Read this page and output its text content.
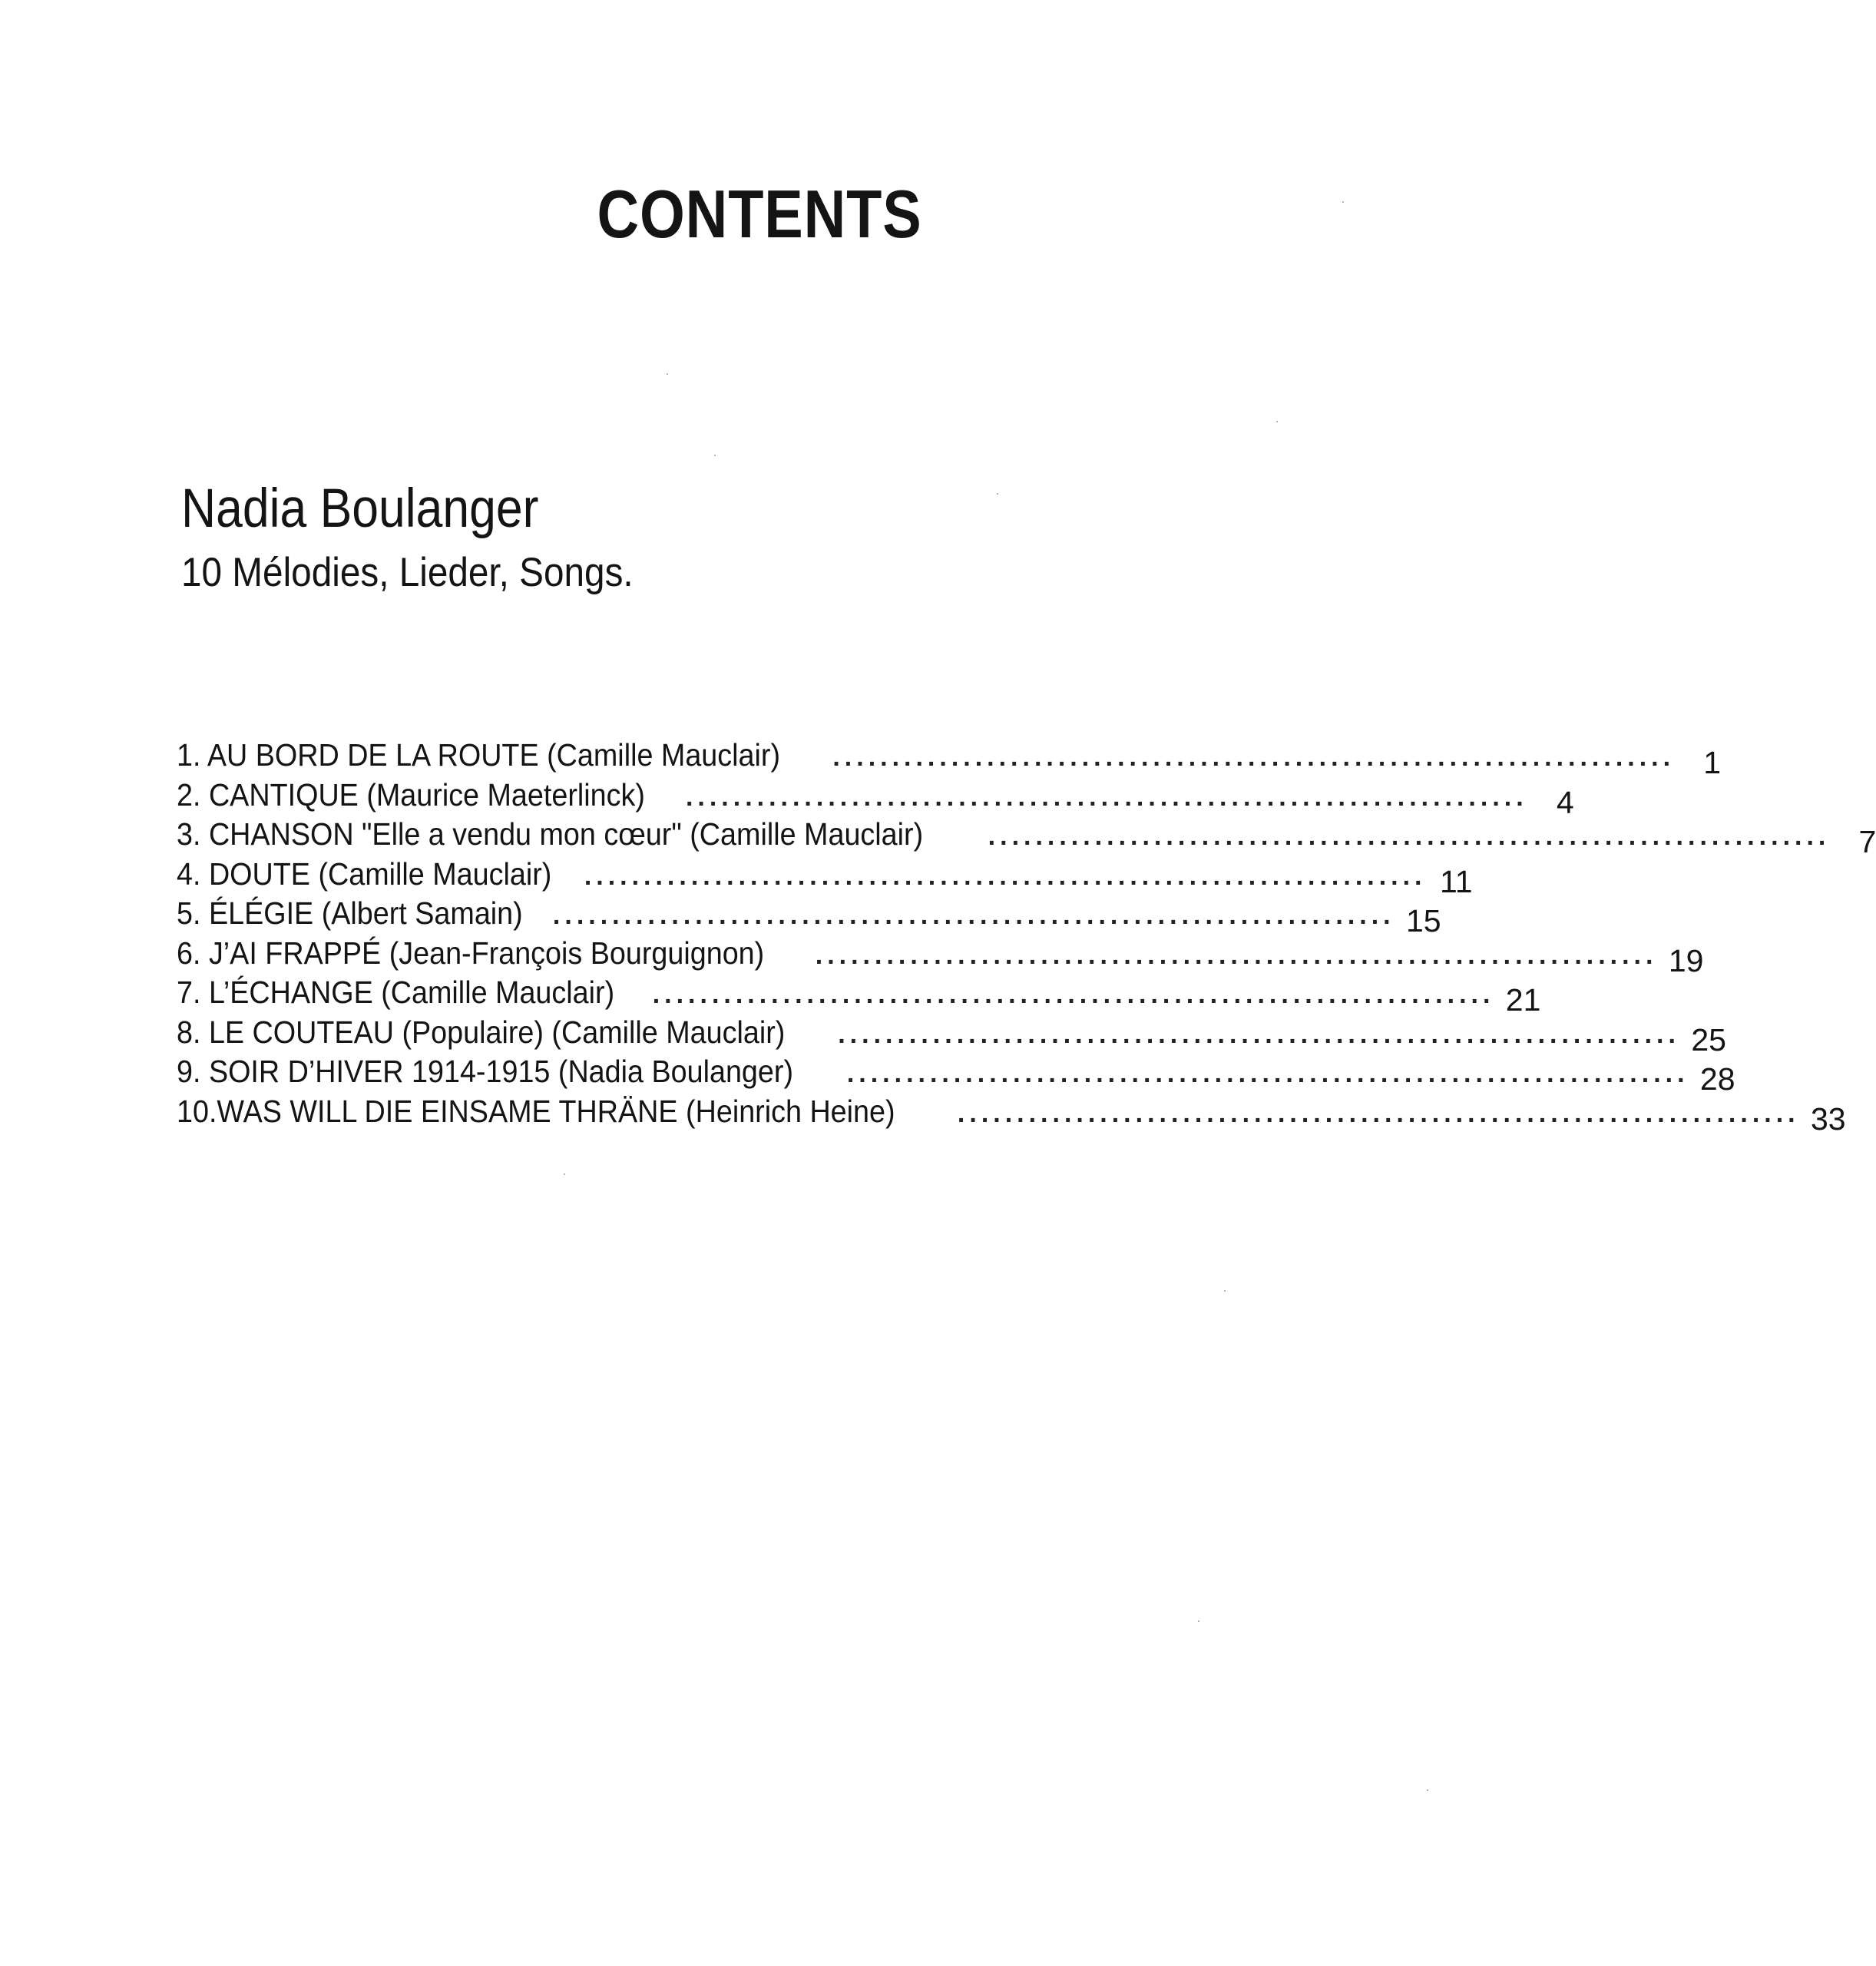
CONTENTS
Nadia Boulanger
10 Mélodies, Lieder, Songs.
1. AU BORD DE LA ROUTE (Camille Mauclair) ....................................................................... 1
2. CANTIQUE (Maurice Maeterlinck) ....................................................................... 4
3. CHANSON "Elle a vendu mon cœur" (Camille Mauclair) ....................................................................... 7
4. DOUTE (Camille Mauclair) ....................................................................... 11
5. ÉLÉGIE (Albert Samain) ....................................................................... 15
6. J’AI FRAPPÉ (Jean-François Bourguignon) ....................................................................... 19
7. L’ÉCHANGE (Camille Mauclair) ....................................................................... 21
8. LE COUTEAU (Populaire) (Camille Mauclair) ....................................................................... 25
9. SOIR D’HIVER 1914-1915 (Nadia Boulanger) ....................................................................... 28
10.WAS WILL DIE EINSAME THRÄNE (Heinrich Heine) ....................................................................... 33
